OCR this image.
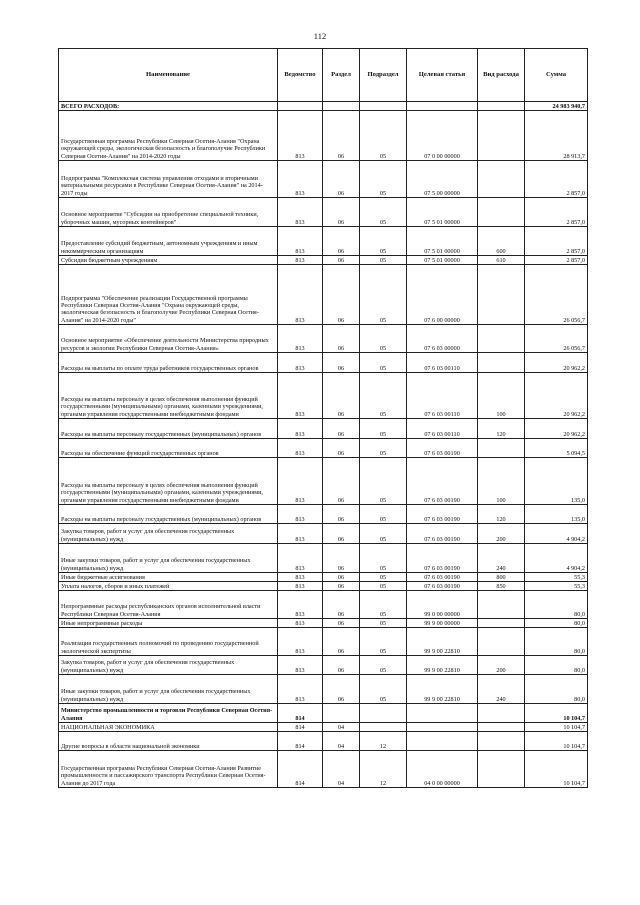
112
Наименование	Ведомство	Раздел	Подраздел	Целевая статья	Вид расхода	Сумма
ВСЕГО РАСХОДОВ:						24 983 940,7
Государственная программа Республики Северная Осетия-Алания "Охрана окружающей среды, экологическая безопасность и благополучие Республики Северная Осетия-Алания" на 2014-2020 годы	813	06	05	07 0 00 00000		28 913,7
Подпрограмма "Комплексная система управления отходами и вторичными материальными ресурсами в Республике Северная Осетия-Алания" на 2014-2017 годы	813	06	05	07 5 00 00000		2 857,0
Основное мероприятие "Субсидии на приобретение специальной техники, уборочных машин, мусорных контейнеров"	813	06	05	07 5 01 00000		2 857,0
Предоставление субсидий бюджетным, автономным учреждениям и иным некоммерческим организациям	813	06	05	07 5 01 00000	600	2 857,0
Субсидии бюджетным учреждениям	813	06	05	07 5 01 00000	610	2 857,0
Подпрограмма "Обеспечение реализации Государственной программы Республики Северная Осетия-Алания "Охрана окружающей среды, экологическая безопасность и благополучие Республики Северная Осетия-Алания" на 2014-2020 годы"	813	06	05	07 6 00 00000		26 056,7
Основное мероприятие «Обеспечение деятельности Министерства природных ресурсов и экологии Республики Северная Осетия-Алания»	813	06	05	07 6 03 00000		26 056,7
Расходы на выплаты по оплате труда работников государственных органов	813	06	05	07 6 03 00110		20 962,2
Расходы на выплаты персоналу в целях обеспечения выполнения функций государственными (муниципальными) органами, казенными учреждениями, органами управления государственными внебюджетными фондами	813	06	05	07 6 03 00110	100	20 962,2
Расходы на выплаты персоналу государственных (муниципальных) органов	813	06	05	07 6 03 00110	120	20 962,2
Расходы на обеспечение функций государственных органов	813	06	05	07 6 03 00190		5 094,5
Расходы на выплаты персоналу в целях обеспечения выполнения функций государственными (муниципальными) органами, казенными учреждениями, органами управления государственными внебюджетными фондами	813	06	05	07 6 03 00190	100	135,0
Расходы на выплаты персоналу государственных (муниципальных) органов	813	06	05	07 6 03 00190	120	135,0
Закупка товаров, работ и услуг для обеспечения государственных (муниципальных) нужд	813	06	05	07 6 03 00190	200	4 904,2
Иные закупки товаров, работ и услуг для обеспечения государственных (муниципальных) нужд	813	06	05	07 6 03 00190	240	4 904,2
Иные бюджетные ассигнования	813	06	05	07 6 03 00190	800	55,3
Уплата налогов, сборов и иных платежей	813	06	05	07 6 03 00190	850	55,3
Непрограммные расходы республиканских органов исполнительной власти Республики Северная Осетия-Алания	813	06	05	99 0 00 00000		80,0
Иные непрограммные расходы	813	06	05	99 9 00 00000		80,0
Реализация государственных полномочий по проведению государственной экологической экспертизы	813	06	05	99 9 00 22810		80,0
Закупка товаров, работ и услуг для обеспечения государственных (муниципальных) нужд	813	06	05	99 9 00 22810	200	80,0
Иные закупки товаров, работ и услуг для обеспечения государственных (муниципальных) нужд	813	06	05	99 9 00 22810	240	80,0
Министерство промышленности и торговли Республики Северная Осетия-Алания	814					10 104,7
НАЦИОНАЛЬНАЯ ЭКОНОМИКА	814	04				10 104,7
Другие вопросы в области национальной экономики	814	04	12			10 104,7
Государственная программа Республики Северная Осетия-Алания Развитие промышленности и пассажирского транспорта Республики Северная Осетия-Алания до 2017 года	814	04	12	04 0 00 00000		10 104,7
